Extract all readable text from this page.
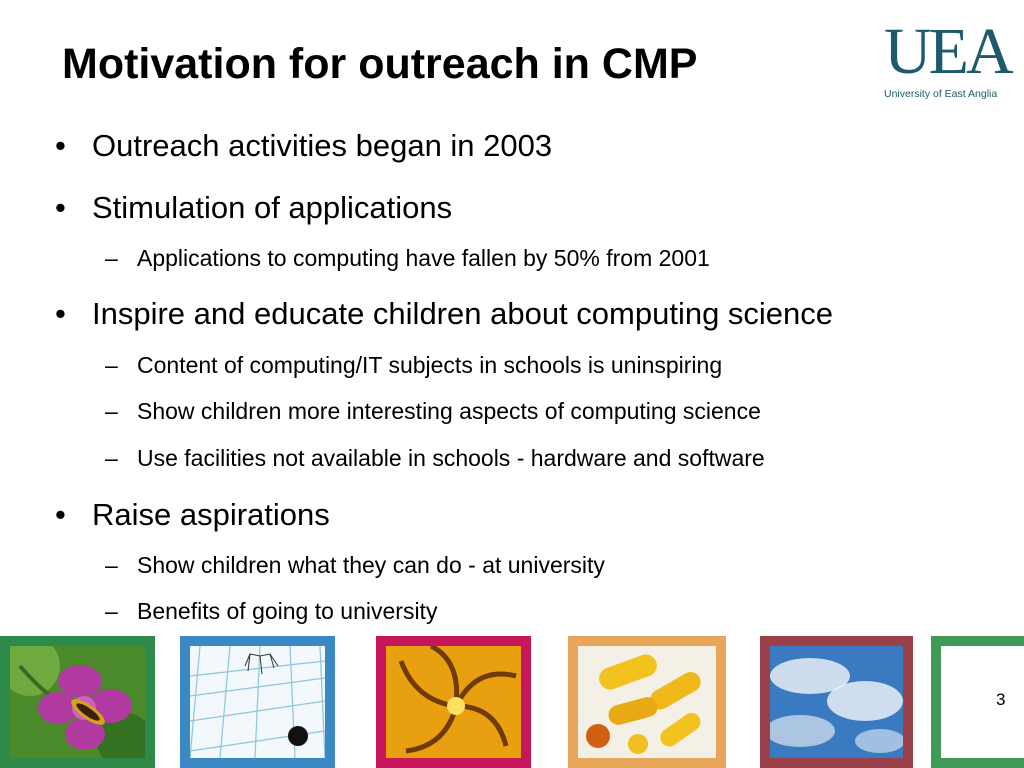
Motivation for outreach in CMP	UEA
University of East Anglia
• Outreach activities began in 2003
• Stimulation of applications
– Applications to computing have fallen by 50% from 2001
• Inspire and educate children about computing science
– Content of computing/IT subjects in schools is uninspiring
– Show children more interesting aspects of computing science
– Use facilities not available in schools - hardware and software
• Raise aspirations
– Show children what they can do - at university
– Benefits of going to university
3
